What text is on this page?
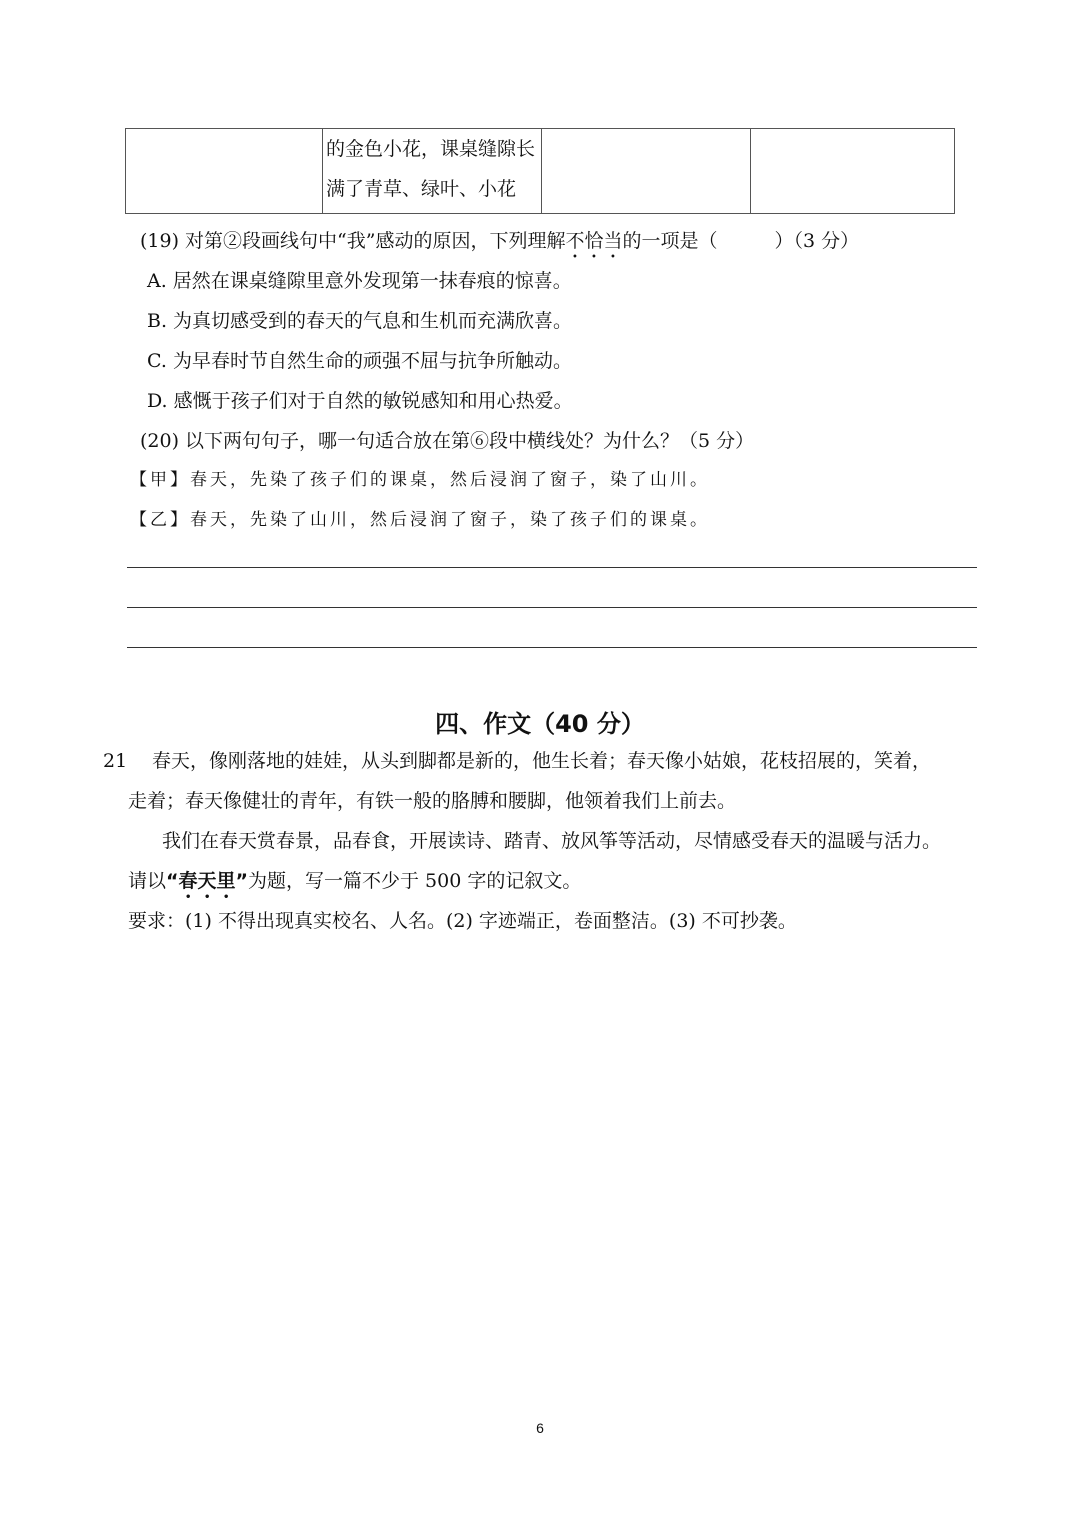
的金色小花，课桌缝隙长
满了青草、绿叶、小花

(19) 对第②段画线句中“我”感动的原因，下列理解不恰当的一项是（　　　）（3 分）
A. 居然在课桌缝隙里意外发现第一抹春痕的惊喜。
B. 为真切感受到的春天的气息和生机而充满欣喜。
C. 为早春时节自然生命的顽强不屈与抗争所触动。
D. 感慨于孩子们对于自然的敏锐感知和用心热爱。
(20) 以下两句句子，哪一句适合放在第⑥段中横线处？为什么？（5 分）
【甲】春天，先染了孩子们的课桌，然后浸润了窗子，染了山川。
【乙】春天，先染了山川，然后浸润了窗子，染了孩子们的课桌。
四、作文（40 分）
21 春天，像刚落地的娃娃，从头到脚都是新的，他生长着；春天像小姑娘，花枝招展的，笑着，
走着；春天像健壮的青年，有铁一般的胳膊和腰脚，他领着我们上前去。
我们在春天赏春景，品春食，开展读诗、踏青、放风筝等活动，尽情感受春天的温暖与活力。
请以“春天里”为题，写一篇不少于 500 字的记叙文。
要求：(1) 不得出现真实校名、人名。(2) 字迹端正，卷面整洁。(3) 不可抄袭。
6
